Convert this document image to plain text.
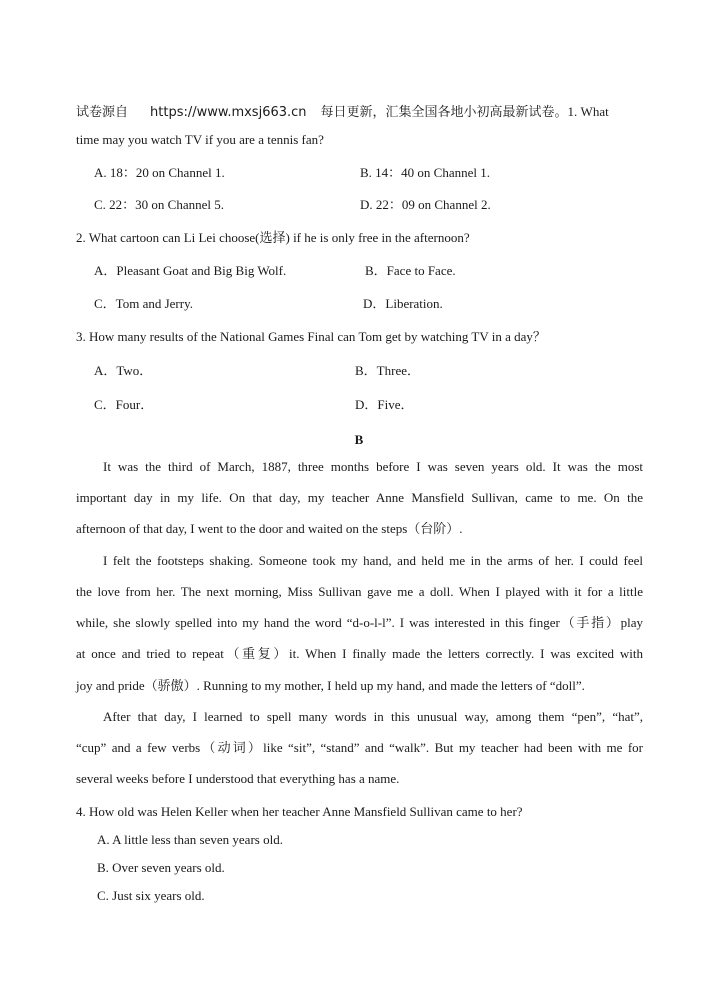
试卷源自 https://www.mxsj663.cn 每日更新，汇集全国各地小初高最新试卷。1. What
time may you watch TV if you are a tennis fan?
A. 18：20 on Channel 1.	B. 14：40 on Channel 1.
C. 22：30 on Channel 5.	D. 22：09 on Channel 2.
2. What cartoon can Li Lei choose(选择) if he is only free in the afternoon?
A．Pleasant Goat and Big Big Wolf.	B．Face to Face.
C．Tom and Jerry.	D．Liberation.
3. How many results of the National Games Final can Tom get by watching TV in a day？
A．Two．	B．Three．
C．Four．	D．Five．
B
It was the third of March, 1887, three months before I was seven years old. It was the most
important day in my life. On that day, my teacher Anne Mansfield Sullivan, came to me. On the
afternoon of that day, I went to the door and waited on the steps（台阶）.
I felt the footsteps shaking. Someone took my hand, and held me in the arms of her. I could feel
the love from her. The next morning, Miss Sullivan gave me a doll. When I played with it for a little
while, she slowly spelled into my hand the word “d-o-l-l”. I was interested in this finger（手指）play
at once and tried to repeat（重复）it. When I finally made the letters correctly. I was excited with
joy and pride（骄傲）. Running to my mother, I held up my hand, and made the letters of “doll”.
After that day, I learned to spell many words in this unusual way, among them “pen”, “hat”,
“cup” and a few verbs（动词）like “sit”, “stand” and “walk”. But my teacher had been with me for
several weeks before I understood that everything has a name.
4. How old was Helen Keller when her teacher Anne Mansfield Sullivan came to her?
A. A little less than seven years old.
B. Over seven years old.
C. Just six years old.
